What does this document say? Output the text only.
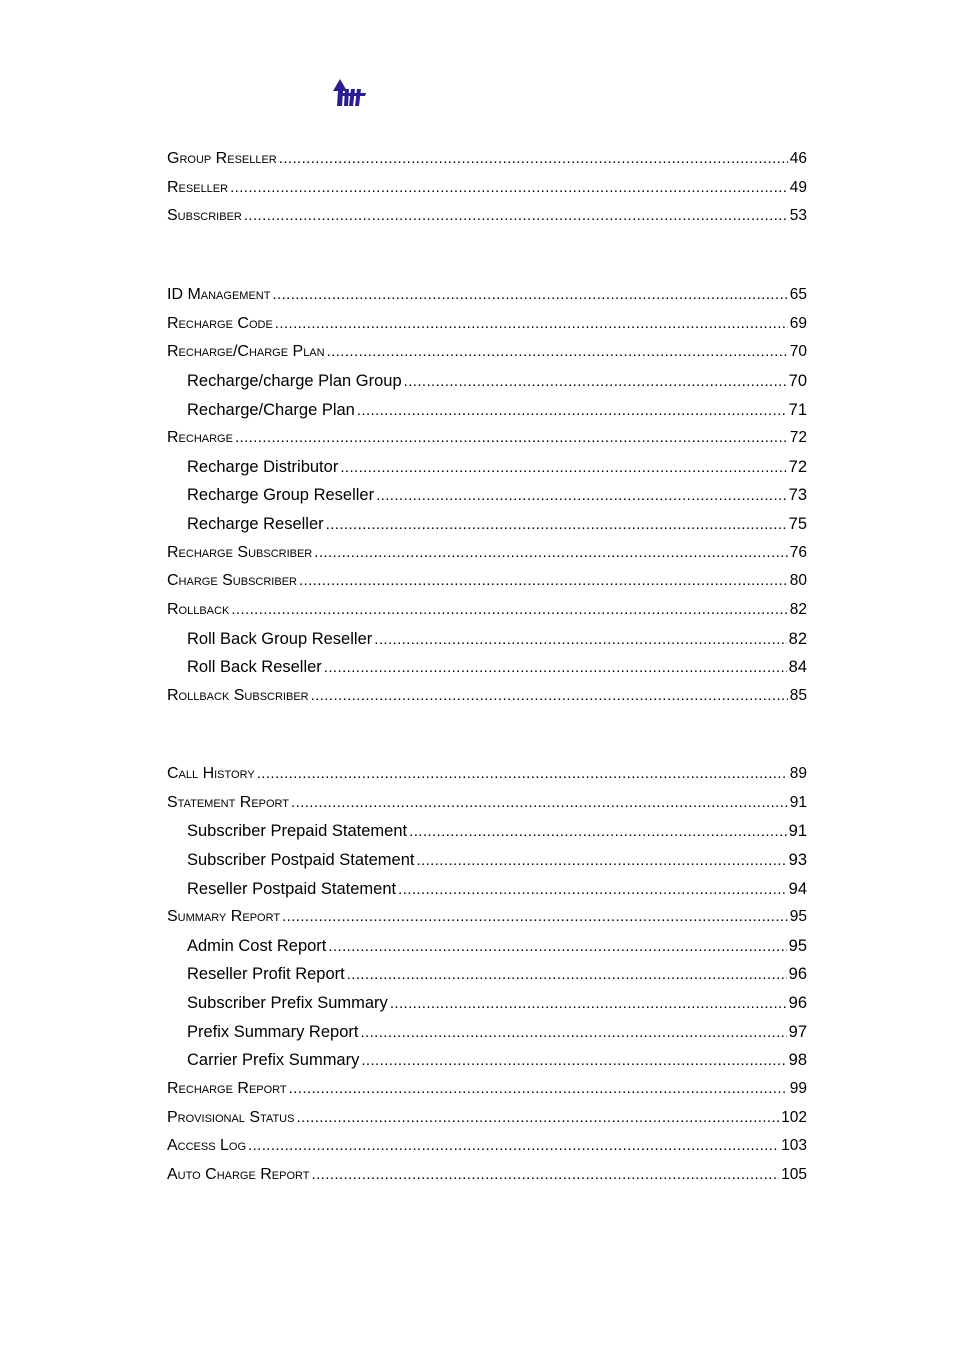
Group Reseller .....	46
Reseller .....	49
Subscriber .....	53
ID Management .....	65
Recharge Code .....	69
Recharge/Charge Plan .....	70
Recharge/charge Plan Group .....	70
Recharge/Charge Plan .....	71
Recharge .....	72
Recharge Distributor .....	72
Recharge Group Reseller .....	73
Recharge Reseller .....	75
Recharge Subscriber .....	76
Charge Subscriber .....	80
Rollback .....	82
Roll Back Group Reseller .....	82
Roll Back Reseller .....	84
Rollback Subscriber .....	85
Call History .....	89
Statement Report .....	91
Subscriber Prepaid Statement .....	91
Subscriber Postpaid Statement .....	93
Reseller Postpaid Statement .....	94
Summary Report .....	95
Admin Cost Report .....	95
Reseller Profit Report .....	96
Subscriber Prefix Summary .....	96
Prefix Summary Report .....	97
Carrier Prefix Summary .....	98
Recharge Report .....	99
Provisional Status .....	102
Access Log .....	103
Auto Charge Report .....	105
